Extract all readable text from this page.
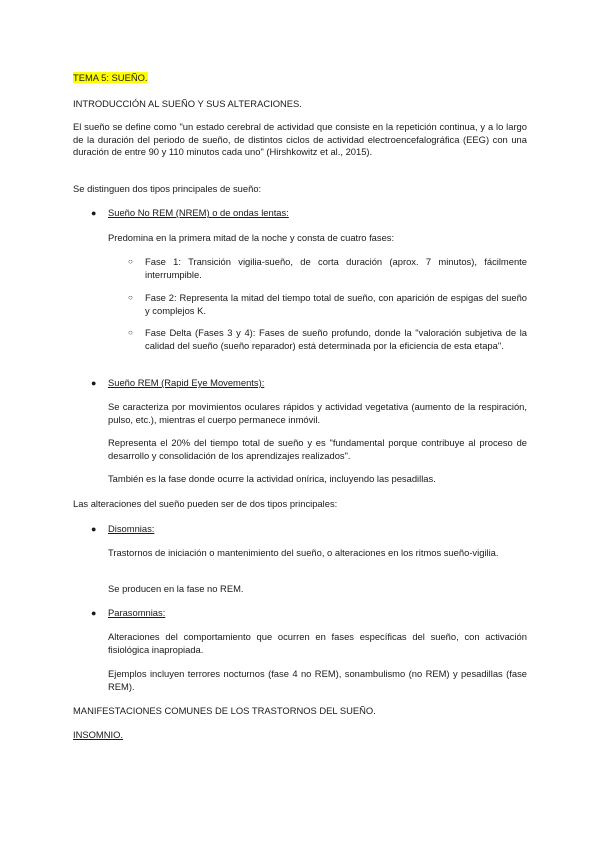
TEMA 5: SUEÑO.

INTRODUCCIÓN AL SUEÑO Y SUS ALTERACIONES.

El sueño se define como "un estado cerebral de actividad que consiste en la repetición continua, y a lo largo de la duración del periodo de sueño, de distintos ciclos de actividad electroencefalográfica (EEG) con una duración de entre 90 y 110 minutos cada uno" (Hirshkowitz et al., 2015).

Se distinguen dos tipos principales de sueño:

● Sueño No REM (NREM) o de ondas lentas:

Predomina en la primera mitad de la noche y consta de cuatro fases:

○ Fase 1: Transición vigilia-sueño, de corta duración (aprox. 7 minutos), fácilmente interrumpible.

○ Fase 2: Representa la mitad del tiempo total de sueño, con aparición de espigas del sueño y complejos K.

○ Fase Delta (Fases 3 y 4): Fases de sueño profundo, donde la "valoración subjetiva de la calidad del sueño (sueño reparador) está determinada por la eficiencia de esta etapa".

● Sueño REM (Rapid Eye Movements):

Se caracteriza por movimientos oculares rápidos y actividad vegetativa (aumento de la respiración, pulso, etc.), mientras el cuerpo permanece inmóvil.

Representa el 20% del tiempo total de sueño y es "fundamental porque contribuye al proceso de desarrollo y consolidación de los aprendizajes realizados".

También es la fase donde ocurre la actividad onírica, incluyendo las pesadillas.

Las alteraciones del sueño pueden ser de dos tipos principales:

● Disomnias:

Trastornos de iniciación o mantenimiento del sueño, o alteraciones en los ritmos sueño-vigilia.

Se producen en la fase no REM.

● Parasomnias:

Alteraciones del comportamiento que ocurren en fases específicas del sueño, con activación fisiológica inapropiada.

Ejemplos incluyen terrores nocturnos (fase 4 no REM), sonambulismo (no REM) y pesadillas (fase REM).

MANIFESTACIONES COMUNES DE LOS TRASTORNOS DEL SUEÑO.

INSOMNIO.
